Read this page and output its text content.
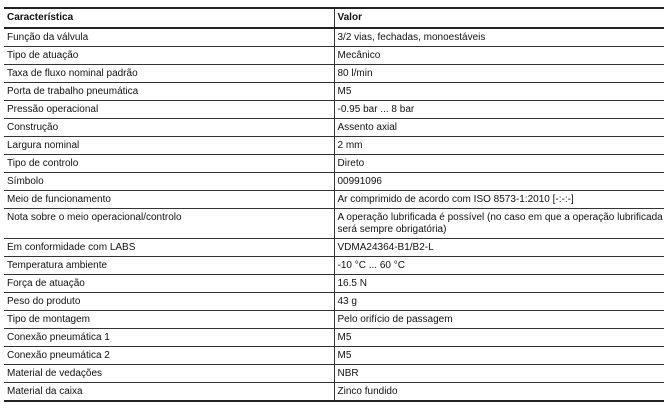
Característica	Valor
Função da válvula	3/2 vias, fechadas, monoestáveis
Tipo de atuação	Mecânico
Taxa de fluxo nominal padrão	80 l/min
Porta de trabalho pneumática	M5
Pressão operacional	-0.95 bar ... 8 bar
Construção	Assento axial
Largura nominal	2 mm
Tipo de controlo	Direto
Símbolo	00991096
Meio de funcionamento	Ar comprimido de acordo com ISO 8573-1:2010 [-:-:-]
Nota sobre o meio operacional/controlo	A operação lubrificada é possível (no caso em que a operação lubrificada será sempre obrigatória)
Em conformidade com LABS	VDMA24364-B1/B2-L
Temperatura ambiente	-10 °C ... 60 °C
Força de atuação	16.5 N
Peso do produto	43 g
Tipo de montagem	Pelo orifício de passagem
Conexão pneumática 1	M5
Conexão pneumática 2	M5
Material de vedações	NBR
Material da caixa	Zinco fundido
